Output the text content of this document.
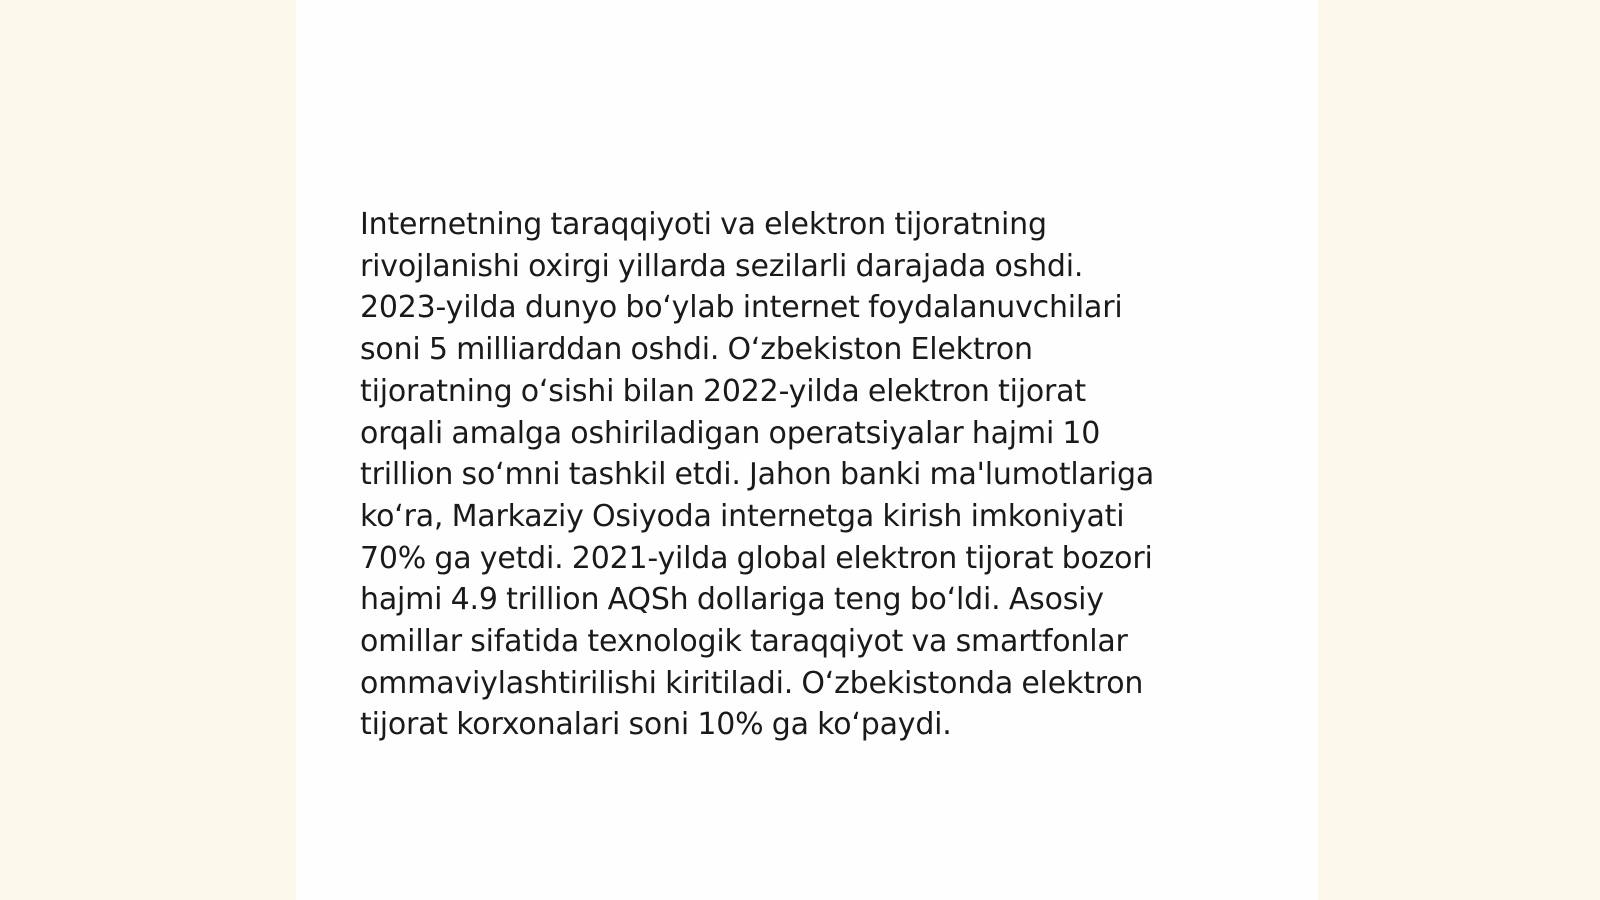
Internetning taraqqiyoti va elektron tijoratning
rivojlanishi oxirgi yillarda sezilarli darajada oshdi.
2023-yilda dunyo boʻylab internet foydalanuvchilari
soni 5 milliarddan oshdi. Oʻzbekiston Elektron
tijoratning oʻsishi bilan 2022-yilda elektron tijorat
orqali amalga oshiriladigan operatsiyalar hajmi 10
trillion soʻmni tashkil etdi. Jahon banki ma'lumotlariga
koʻra, Markaziy Osiyoda internetga kirish imkoniyati
70% ga yetdi. 2021-yilda global elektron tijorat bozori
hajmi 4.9 trillion AQSh dollariga teng boʻldi. Asosiy
omillar sifatida texnologik taraqqiyot va smartfonlar
ommaviylashtirilishi kiritiladi. Oʻzbekistonda elektron
tijorat korxonalari soni 10% ga koʻpaydi.
